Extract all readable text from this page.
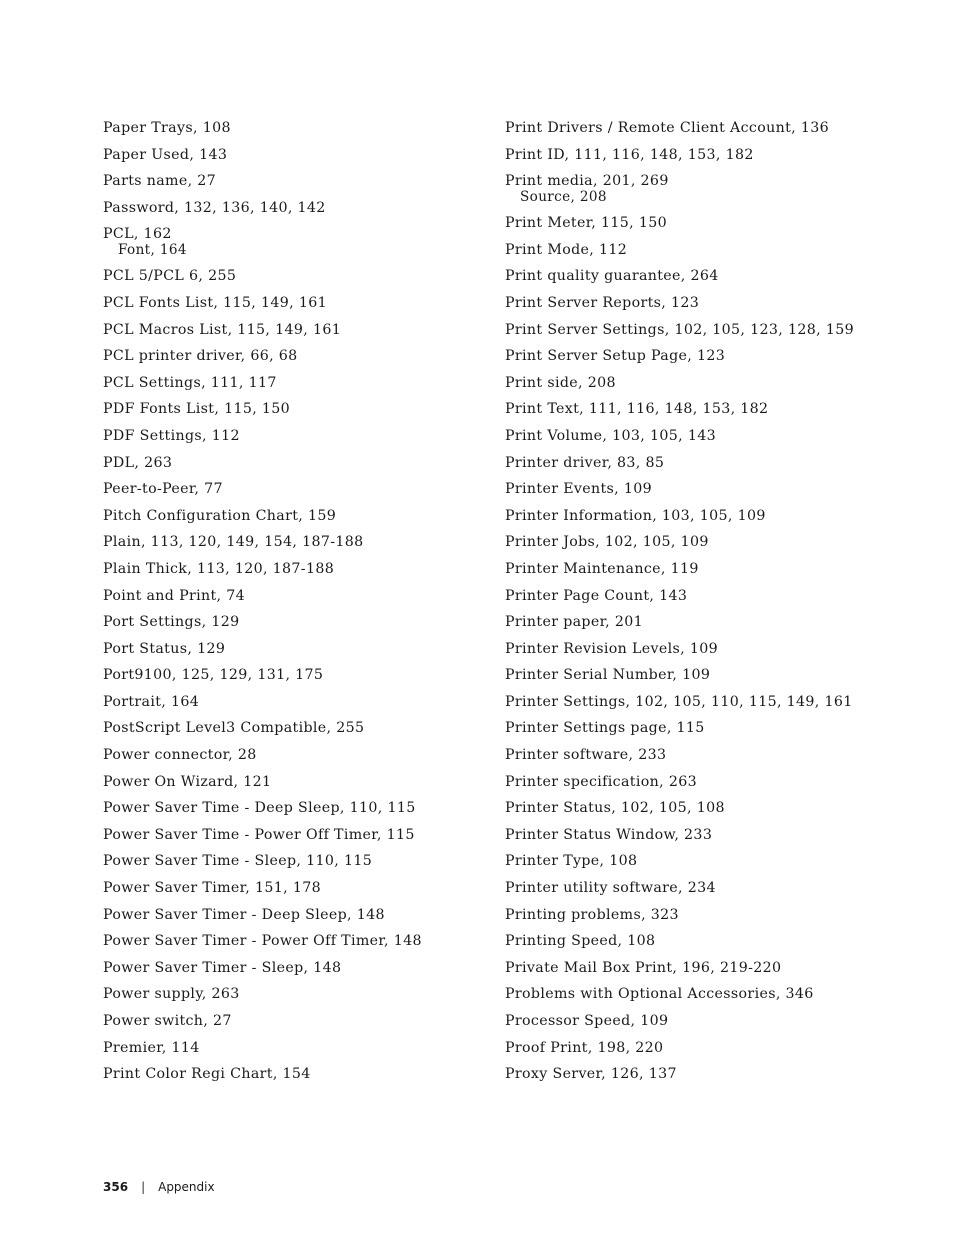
Paper Trays, 108
Paper Used, 143
Parts name, 27
Password, 132, 136, 140, 142
PCL, 162
Font, 164
PCL 5/PCL 6, 255
PCL Fonts List, 115, 149, 161
PCL Macros List, 115, 149, 161
PCL printer driver, 66, 68
PCL Settings, 111, 117
PDF Fonts List, 115, 150
PDF Settings, 112
PDL, 263
Peer-to-Peer, 77
Pitch Configuration Chart, 159
Plain, 113, 120, 149, 154, 187-188
Plain Thick, 113, 120, 187-188
Point and Print, 74
Port Settings, 129
Port Status, 129
Port9100, 125, 129, 131, 175
Portrait, 164
PostScript Level3 Compatible, 255
Power connector, 28
Power On Wizard, 121
Power Saver Time - Deep Sleep, 110, 115
Power Saver Time - Power Off Timer, 115
Power Saver Time - Sleep, 110, 115
Power Saver Timer, 151, 178
Power Saver Timer - Deep Sleep, 148
Power Saver Timer - Power Off Timer, 148
Power Saver Timer - Sleep, 148
Power supply, 263
Power switch, 27
Premier, 114
Print Color Regi Chart, 154
Print Drivers / Remote Client Account, 136
Print ID, 111, 116, 148, 153, 182
Print media, 201, 269
Source, 208
Print Meter, 115, 150
Print Mode, 112
Print quality guarantee, 264
Print Server Reports, 123
Print Server Settings, 102, 105, 123, 128, 159
Print Server Setup Page, 123
Print side, 208
Print Text, 111, 116, 148, 153, 182
Print Volume, 103, 105, 143
Printer driver, 83, 85
Printer Events, 109
Printer Information, 103, 105, 109
Printer Jobs, 102, 105, 109
Printer Maintenance, 119
Printer Page Count, 143
Printer paper, 201
Printer Revision Levels, 109
Printer Serial Number, 109
Printer Settings, 102, 105, 110, 115, 149, 161
Printer Settings page, 115
Printer software, 233
Printer specification, 263
Printer Status, 102, 105, 108
Printer Status Window, 233
Printer Type, 108
Printer utility software, 234
Printing problems, 323
Printing Speed, 108
Private Mail Box Print, 196, 219-220
Problems with Optional Accessories, 346
Processor Speed, 109
Proof Print, 198, 220
Proxy Server, 126, 137
356 | Appendix
